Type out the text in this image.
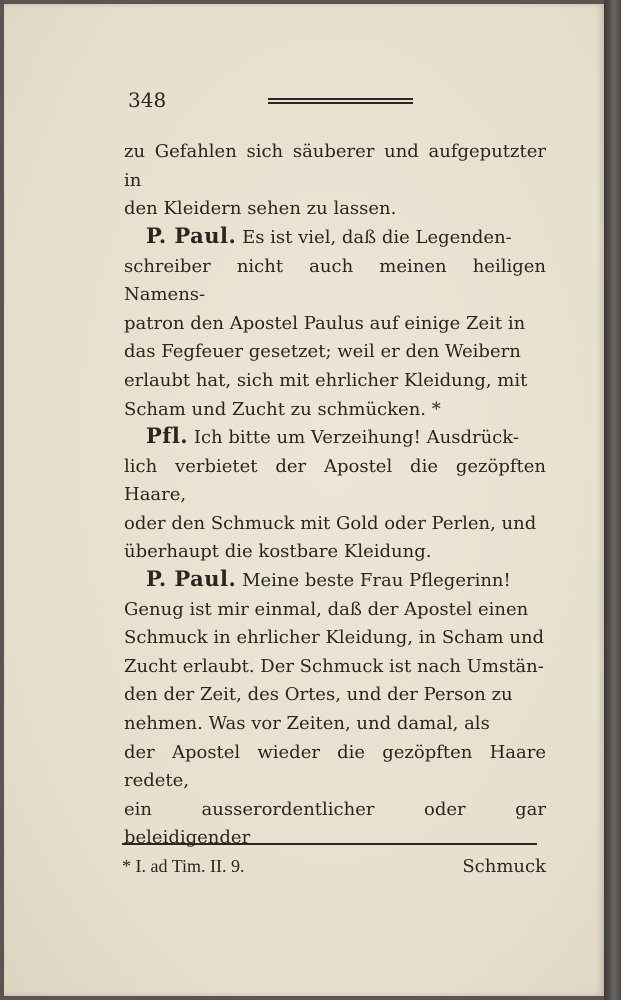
348
zu Gefahlen sich säuberer und aufgeputzter in
den Kleidern sehen zu lassen.
P. Paul. Es ist viel, daß die Legenden-
schreiber nicht auch meinen heiligen Namens-
patron den Apostel Paulus auf einige Zeit in
das Fegfeuer gesetzet; weil er den Weibern
erlaubt hat, sich mit ehrlicher Kleidung, mit
Scham und Zucht zu schmücken. *
Pfl. Ich bitte um Verzeihung! Ausdrück-
lich verbietet der Apostel die gezöpften Haare,
oder den Schmuck mit Gold oder Perlen, und
überhaupt die kostbare Kleidung.
P. Paul. Meine beste Frau Pflegerinn!
Genug ist mir einmal, daß der Apostel einen
Schmuck in ehrlicher Kleidung, in Scham und
Zucht erlaubt. Der Schmuck ist nach Umstän-
den der Zeit, des Ortes, und der Person zu
nehmen. Was vor Zeiten, und damal, als
der Apostel wieder die gezöpften Haare redete,
ein ausserordentlicher oder gar beleidigender
Schmuck
* I. ad Tim. II. 9.
